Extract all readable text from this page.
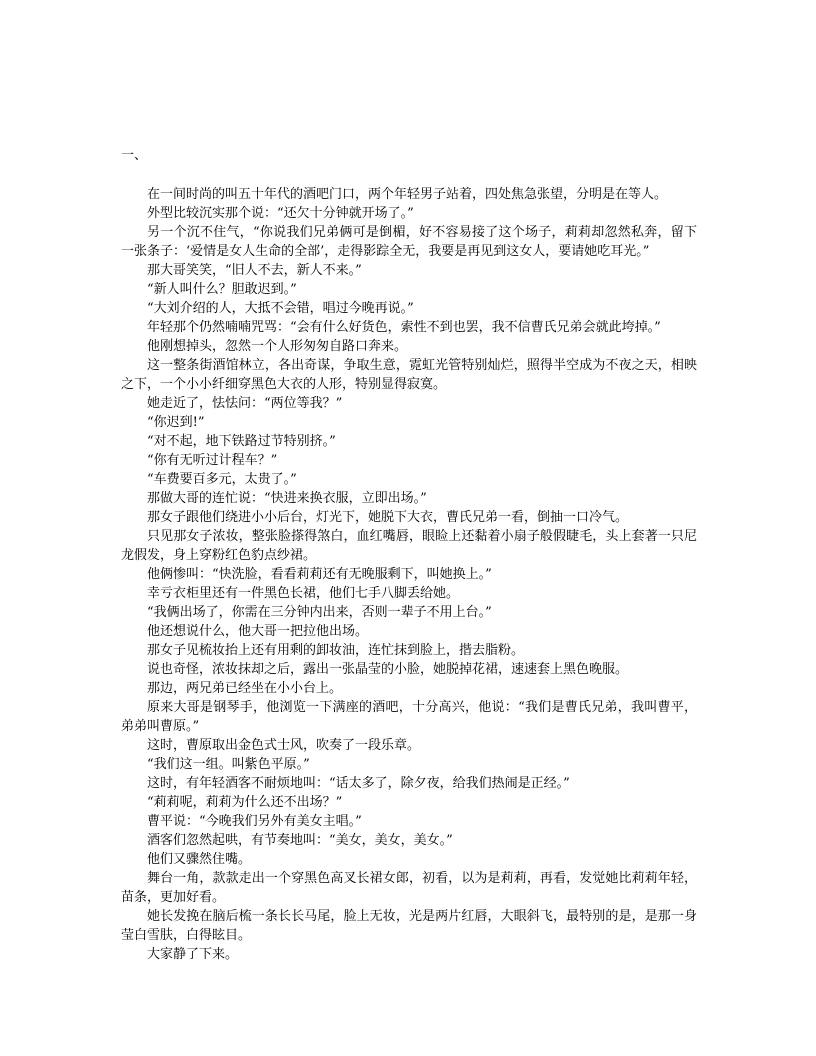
一、

在一间时尚的叫五十年代的酒吧门口，两个年轻男子站着，四处焦急张望，分明是在等人。

外型比较沉实那个说：“还欠十分钟就开场了。”

另一个沉不住气，“你说我们兄弟俩可是倒楣，好不容易接了这个场子，莉莉却忽然私奔，留下一张条子：‘爱情是女人生命的全部’，走得影踪全无，我要是再见到这女人，要请她吃耳光。”

那大哥笑笑，“旧人不去，新人不来。”

“新人叫什么？胆敢迟到。”

“大刘介绍的人，大抵不会错，唱过今晚再说。”

年轻那个仍然喃喃咒骂：“会有什么好货色，索性不到也罢，我不信曹氏兄弟会就此垮掉。”

他刚想掉头，忽然一个人形匆匆自路口奔来。

这一整条街酒馆林立，各出奇谋，争取生意，霓虹光管特别灿烂，照得半空成为不夜之天，相映之下，一个小小纤细穿黑色大衣的人形，特别显得寂寞。

她走近了，怯怯问：“两位等我？”

“你迟到!”

“对不起，地下铁路过节特别挤。”

“你有无听过计程车？”

“车费要百多元，太贵了。”

那做大哥的连忙说：“快进来换衣服，立即出场。”

那女子跟他们绕进小小后台，灯光下，她脱下大衣，曹氏兄弟一看，倒抽一口冷气。

只见那女子浓妆，整张脸搽得煞白，血红嘴唇，眼睑上还黏着小扇子般假睫毛，头上套著一只尼龙假发，身上穿粉红色豹点纱裙。

他俩惨叫：“快洗脸，看看莉莉还有无晚服剩下，叫她换上。”

幸亏衣柜里还有一件黑色长裙，他们七手八脚丢给她。

“我俩出场了，你需在三分钟内出来，否则一辈子不用上台。”

他还想说什么，他大哥一把拉他出场。

那女子见梳妆抬上还有用剩的卸妆油，连忙抹到脸上，揩去脂粉。

说也奇怪，浓妆抹却之后，露出一张晶莹的小脸，她脱掉花裙，速速套上黑色晚服。

那边，两兄弟已经坐在小小台上。

原来大哥是钢琴手，他浏览一下满座的酒吧，十分高兴，他说：“我们是曹氏兄弟，我叫曹平，弟弟叫曹原。”

这时，曹原取出金色式士风，吹奏了一段乐章。

“我们这一组。叫紫色平原。”

这时，有年轻酒客不耐烦地叫：“话太多了，除夕夜，给我们热闹是正经。”

“莉莉呢，莉莉为什么还不出场？”

曹平说：“今晚我们另外有美女主唱。”

酒客们忽然起哄，有节奏地叫：“美女，美女，美女。”

他们又骤然住嘴。

舞台一角，款款走出一个穿黑色高叉长裙女郎，初看，以为是莉莉，再看，发觉她比莉莉年轻，苗条，更加好看。

她长发挽在脑后梳一条长长马尾，脸上无妆，光是两片红唇，大眼斜飞，最特别的是，是那一身莹白雪肤，白得眩目。

大家静了下来。
